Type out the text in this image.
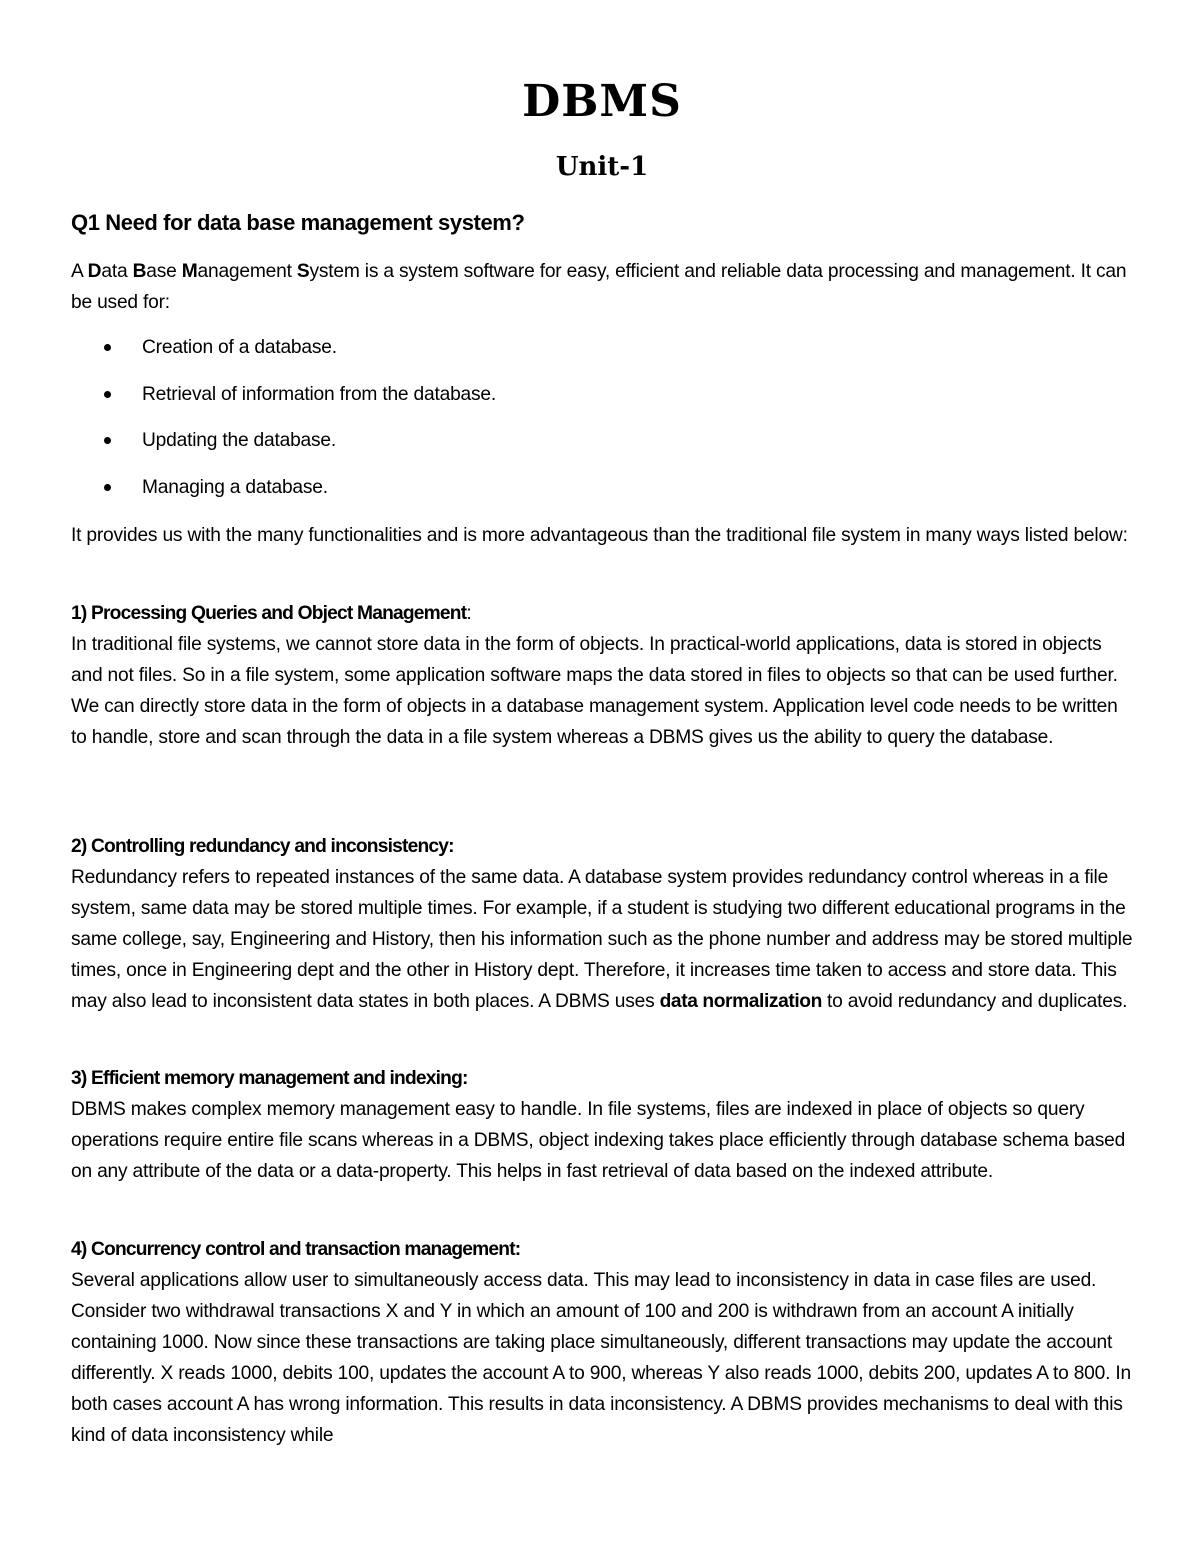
DBMS
Unit-1
Q1 Need for data base management system?

A Data Base Management System is a system software for easy, efficient and reliable data processing and management. It can be used for:

Creation of a database.
Retrieval of information from the database.
Updating the database.
Managing a database.

It provides us with the many functionalities and is more advantageous than the traditional file system in many ways listed below:

1) Processing Queries and Object Management:

In traditional file systems, we cannot store data in the form of objects. In practical-world applications, data is stored in objects and not files. So in a file system, some application software maps the data stored in files to objects so that can be used further.

We can directly store data in the form of objects in a database management system. Application level code needs to be written to handle, store and scan through the data in a file system whereas a DBMS gives us the ability to query the database.

2) Controlling redundancy and inconsistency:

Redundancy refers to repeated instances of the same data. A database system provides redundancy control whereas in a file system, same data may be stored multiple times. For example, if a student is studying two different educational programs in the same college, say, Engineering and History, then his information such as the phone number and address may be stored multiple times, once in Engineering dept and the other in History dept. Therefore, it increases time taken to access and store data. This may also lead to inconsistent data states in both places. A DBMS uses data normalization to avoid redundancy and duplicates.

3) Efficient memory management and indexing:

DBMS makes complex memory management easy to handle. In file systems, files are indexed in place of objects so query operations require entire file scans whereas in a DBMS, object indexing takes place efficiently through database schema based on any attribute of the data or a data-property. This helps in fast retrieval of data based on the indexed attribute.

4) Concurrency control and transaction management:

Several applications allow user to simultaneously access data. This may lead to inconsistency in data in case files are used. Consider two withdrawal transactions X and Y in which an amount of 100 and 200 is withdrawn from an account A initially containing 1000. Now since these transactions are taking place simultaneously, different transactions may update the account differently. X reads 1000, debits 100, updates the account A to 900, whereas Y also reads 1000, debits 200, updates A to 800. In both cases account A has wrong information. This results in data inconsistency. A DBMS provides mechanisms to deal with this kind of data inconsistency while
